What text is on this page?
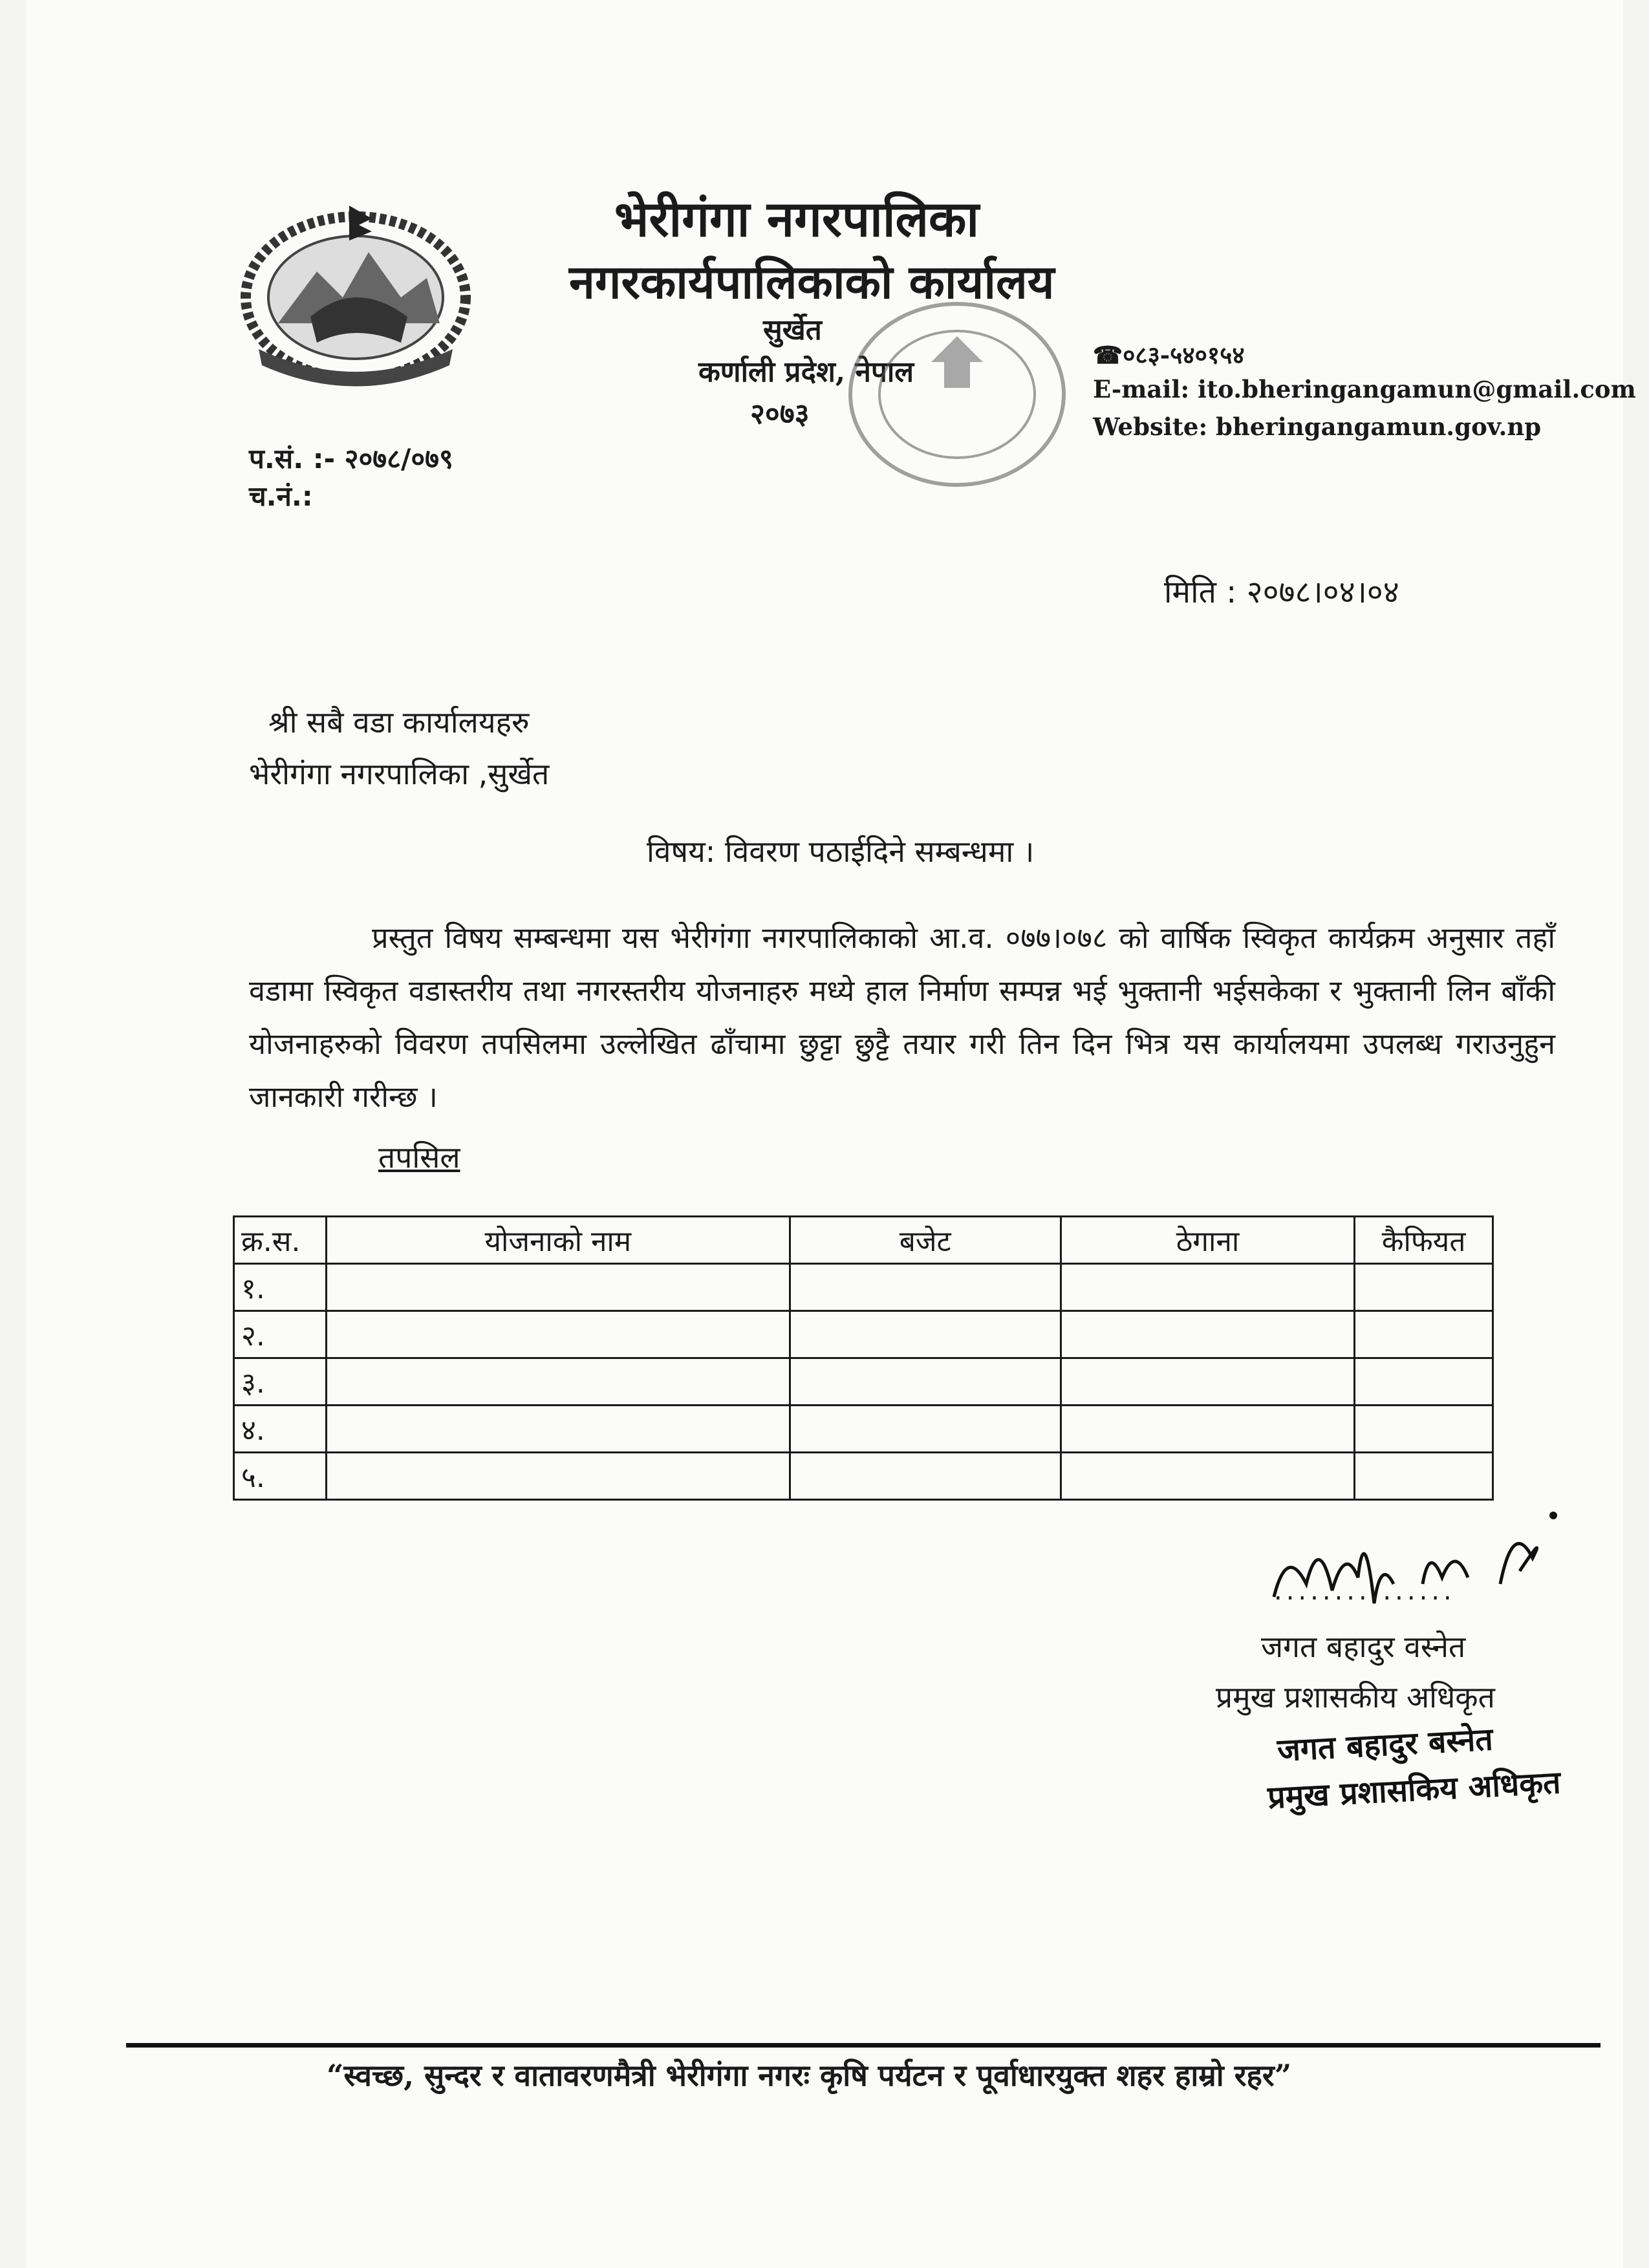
भेरीगंगा नगरपालिका
नगरकार्यपालिकाको कार्यालय
सुर्खेत
कर्णाली प्रदेश, नेपाल
२०७३
☎०८३-५४०१५४
E-mail: ito.bheringangamun@gmail.com
Website: bheringangamun.gov.np
प.सं. :- २०७८/०७९
च.नं.:
मिति : २०७८।०४।०४
श्री सबै वडा कार्यालयहरु
भेरीगंगा नगरपालिका ,सुर्खेत
विषय: विवरण पठाईदिने सम्बन्धमा ।
प्रस्तुत विषय सम्बन्धमा यस भेरीगंगा नगरपालिकाको आ.व. ०७७।०७८ को वार्षिक स्विकृत कार्यक्रम अनुसार तहाँ वडामा स्विकृत वडास्तरीय तथा नगरस्तरीय योजनाहरु मध्ये हाल निर्माण सम्पन्न भई भुक्तानी भईसकेका र भुक्तानी लिन बाँकी योजनाहरुको विवरण तपसिलमा उल्लेखित ढाँचामा छुट्टा छुट्टै तयार गरी तिन दिन भित्र यस कार्यालयमा उपलब्ध गराउनुहुन जानकारी गरीन्छ ।
तपसिल
क्र.स.	योजनाको नाम	बजेट	ठेगाना	कैफियत
१.				
२.				
३.				
४.				
५.				
...............
जगत बहादुर वस्नेत
प्रमुख प्रशासकीय अधिकृत
जगत बहादुर बस्नेत
प्रमुख प्रशासकिय अधिकृत
“स्वच्छ, सुन्दर र वातावरणमैत्री भेरीगंगा नगरः कृषि पर्यटन र पूर्वाधारयुक्त शहर हाम्रो रहर”
